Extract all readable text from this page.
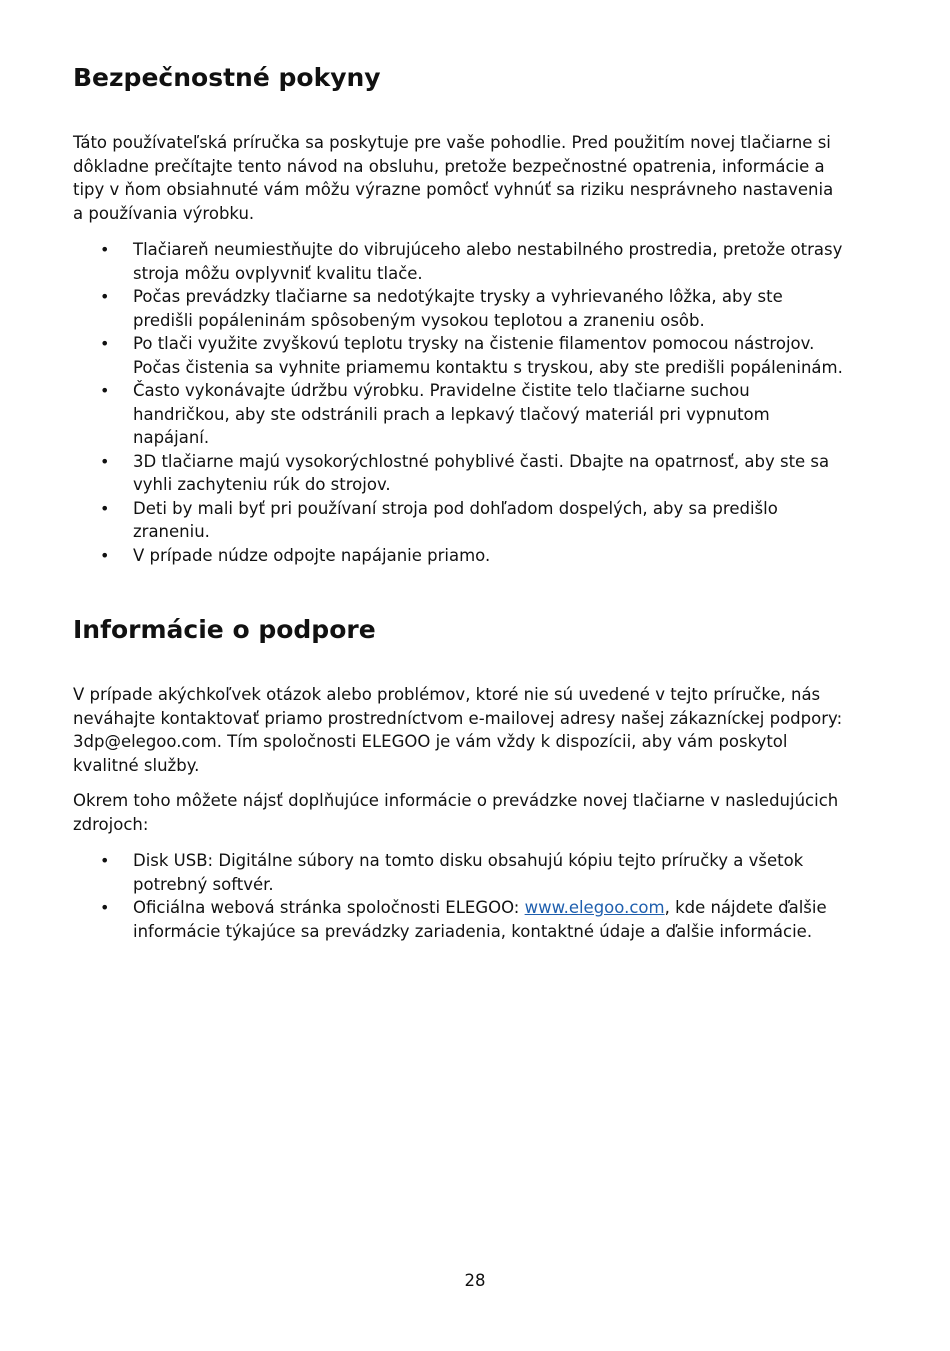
Bezpečnostné pokyny

Táto používateľská príručka sa poskytuje pre vaše pohodlie. Pred použitím novej tlačiarne si dôkladne prečítajte tento návod na obsluhu, pretože bezpečnostné opatrenia, informácie a tipy v ňom obsiahnuté vám môžu výrazne pomôcť vyhnúť sa riziku nesprávneho nastavenia a používania výrobku.

• Tlačiareň neumiestňujte do vibrujúceho alebo nestabilného prostredia, pretože otrasy stroja môžu ovplyvniť kvalitu tlače.
• Počas prevádzky tlačiarne sa nedotýkajte trysky a vyhrievaného lôžka, aby ste predišli popáleninám spôsobeným vysokou teplotou a zraneniu osôb.
• Po tlači využite zvyškovú teplotu trysky na čistenie filamentov pomocou nástrojov. Počas čistenia sa vyhnite priamemu kontaktu s tryskou, aby ste predišli popáleninám.
• Často vykonávajte údržbu výrobku. Pravidelne čistite telo tlačiarne suchou handričkou, aby ste odstránili prach a lepkavý tlačový materiál pri vypnutom napájaní.
• 3D tlačiarne majú vysokorýchlostné pohyblivé časti. Dbajte na opatrnosť, aby ste sa vyhli zachyteniu rúk do strojov.
• Deti by mali byť pri používaní stroja pod dohľadom dospelých, aby sa predišlo zraneniu.
• V prípade núdze odpojte napájanie priamo.
Informácie o podpore

V prípade akýchkoľvek otázok alebo problémov, ktoré nie sú uvedené v tejto príručke, nás neváhajte kontaktovať priamo prostredníctvom e-mailovej adresy našej zákazníckej podpory: 3dp@elegoo.com. Tím spoločnosti ELEGOO je vám vždy k dispozícii, aby vám poskytol kvalitné služby.

Okrem toho môžete nájsť doplňujúce informácie o prevádzke novej tlačiarne v nasledujúcich zdrojoch:

• Disk USB: Digitálne súbory na tomto disku obsahujú kópiu tejto príručky a všetok potrebný softvér.
• Oficiálna webová stránka spoločnosti ELEGOO: www.elegoo.com, kde nájdete ďalšie informácie týkajúce sa prevádzky zariadenia, kontaktné údaje a ďalšie informácie.
28
